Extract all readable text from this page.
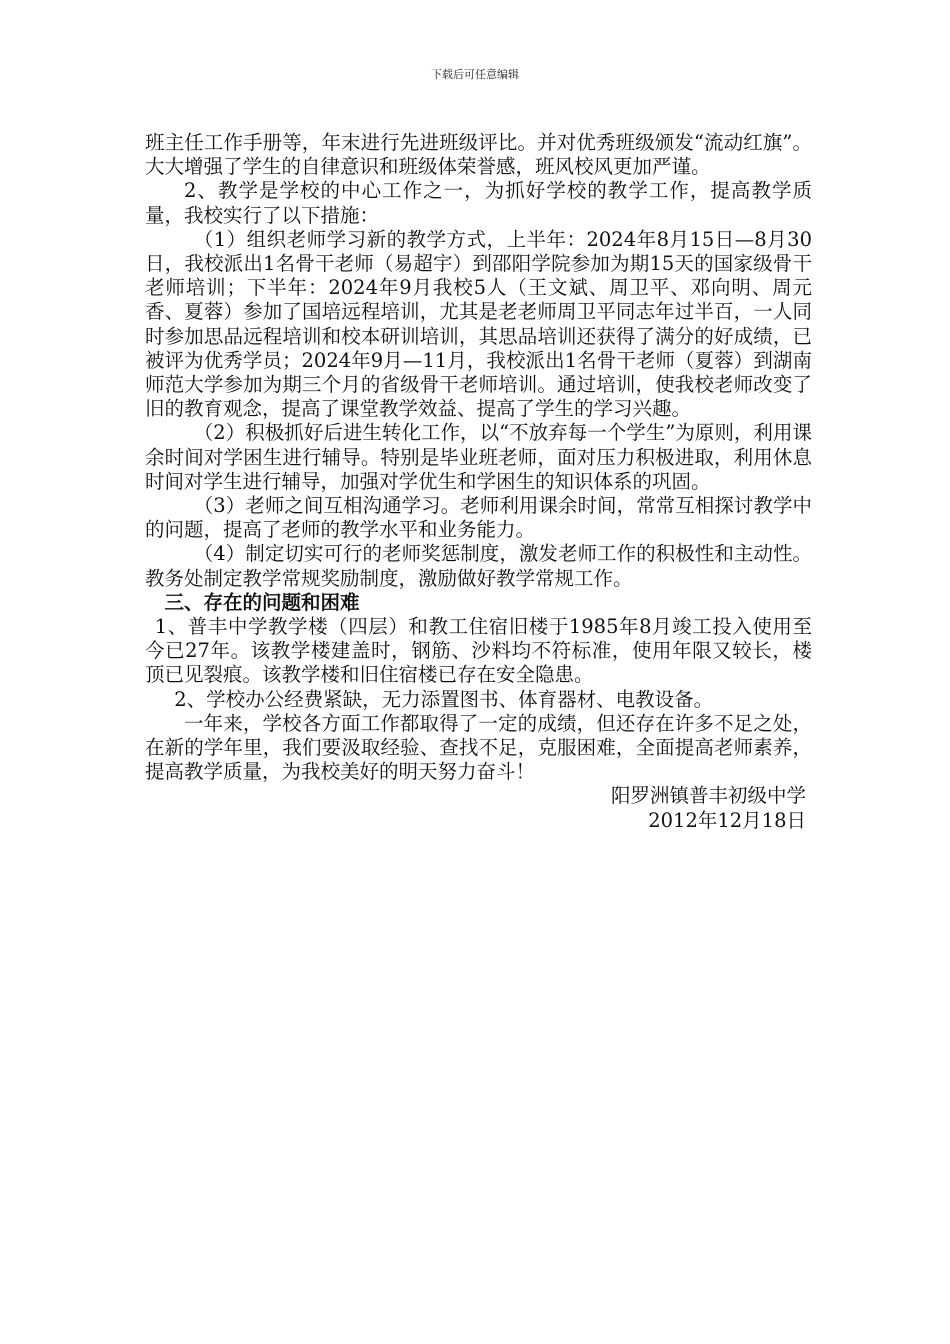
下载后可任意编辑

班主任工作手册等，年末进行先进班级评比。并对优秀班级颁发“流动红旗”。大大增强了学生的自律意识和班级体荣誉感，班风校风更加严谨。

2、教学是学校的中心工作之一，为抓好学校的教学工作，提高教学质量，我校实行了以下措施：

（1）组织老师学习新的教学方式，上半年：2024年8月15日—8月30日，我校派出1名骨干老师（易超宇）到邵阳学院参加为期15天的国家级骨干老师培训；下半年：2024年9月我校5人（王文斌、周卫平、邓向明、周元香、夏蓉）参加了国培远程培训，尤其是老老师周卫平同志年过半百，一人同时参加思品远程培训和校本研训培训，其思品培训还获得了满分的好成绩，已被评为优秀学员；2024年9月—11月，我校派出1名骨干老师（夏蓉）到湖南师范大学参加为期三个月的省级骨干老师培训。通过培训，使我校老师改变了旧的教育观念，提高了课堂教学效益、提高了学生的学习兴趣。

（2）积极抓好后进生转化工作，以“不放弃每一个学生”为原则，利用课余时间对学困生进行辅导。特别是毕业班老师，面对压力积极进取，利用休息时间对学生进行辅导，加强对学优生和学困生的知识体系的巩固。

（3）老师之间互相沟通学习。老师利用课余时间，常常互相探讨教学中的问题，提高了老师的教学水平和业务能力。

（4）制定切实可行的老师奖惩制度，激发老师工作的积极性和主动性。教务处制定教学常规奖励制度，激励做好教学常规工作。

三、存在的问题和困难

1、普丰中学教学楼（四层）和教工住宿旧楼于1985年8月竣工投入使用至今已27年。该教学楼建盖时，钢筋、沙料均不符标准，使用年限又较长，楼顶已见裂痕。该教学楼和旧住宿楼已存在安全隐患。

2、学校办公经费紧缺，无力添置图书、体育器材、电教设备。

一年来，学校各方面工作都取得了一定的成绩，但还存在许多不足之处，在新的学年里，我们要汲取经验、查找不足，克服困难，全面提高老师素养，提高教学质量，为我校美好的明天努力奋斗！

阳罗洲镇普丰初级中学

2012年12月18日
